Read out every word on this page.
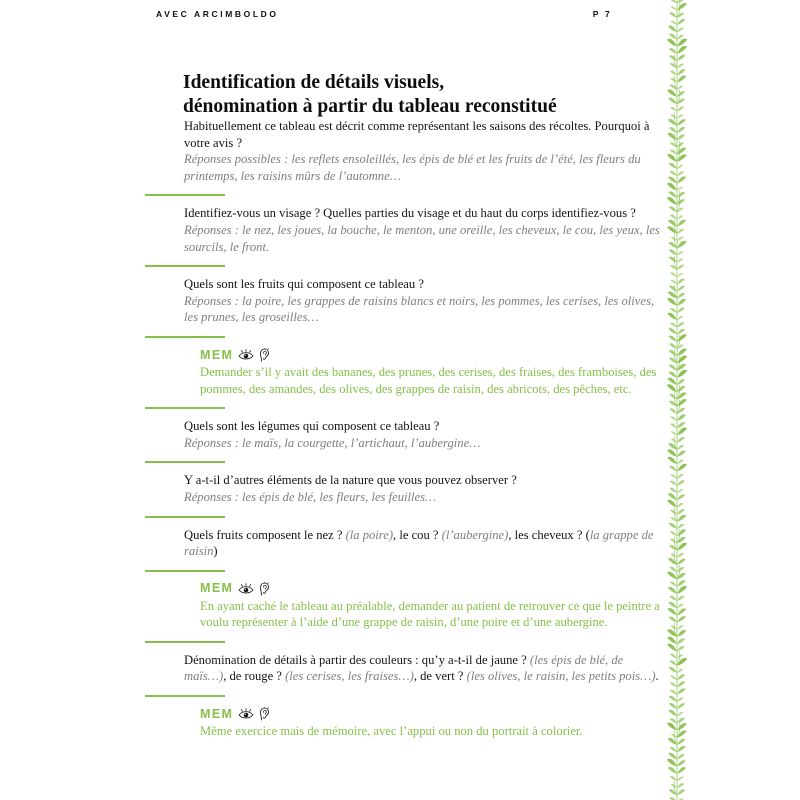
AVEC ARCIMBOLDO	P 7
Identification de détails visuels,
dénomination à partir du tableau reconstitué

Habituellement ce tableau est décrit comme représentant les saisons des récoltes. Pourquoi à votre avis ?

Réponses possibles : les reflets ensoleillés, les épis de blé et les fruits de l’été, les fleurs du printemps, les raisins mûrs de l’automne…

Identifiez-vous un visage ? Quelles parties du visage et du haut du corps identifiez-vous ?

Réponses : le nez, les joues, la bouche, le menton, une oreille, les cheveux, le cou, les yeux, les sourcils, le front.

Quels sont les fruits qui composent ce tableau ?

Réponses : la poire, les grappes de raisins blancs et noirs, les pommes, les cerises, les olives, les prunes, les groseilles…

MEM

Demander s’il y avait des bananes, des prunes, des cerises, des fraises, des framboises, des pommes, des amandes, des olives, des grappes de raisin, des abricots, des pêches, etc.

Quels sont les légumes qui composent ce tableau ?

Réponses : le maïs, la courgette, l’artichaut, l’aubergine…

Y a-t-il d’autres éléments de la nature que vous pouvez observer ?

Réponses : les épis de blé, les fleurs, les feuilles…

Quels fruits composent le nez ? (la poire), le cou ? (l’aubergine), les cheveux ? (la grappe de raisin)

MEM

En ayant caché le tableau au préalable, demander au patient de retrouver ce que le peintre a voulu représenter à l’aide d’une grappe de raisin, d’une poire et d’une aubergine.

Dénomination de détails à partir des couleurs : qu’y a-t-il de jaune ? (les épis de blé, de maïs…), de rouge ? (les cerises, les fraises…), de vert ? (les olives, le raisin, les petits pois…).

MEM

Même exercice mais de mémoire, avec l’appui ou non du portrait à colorier.
